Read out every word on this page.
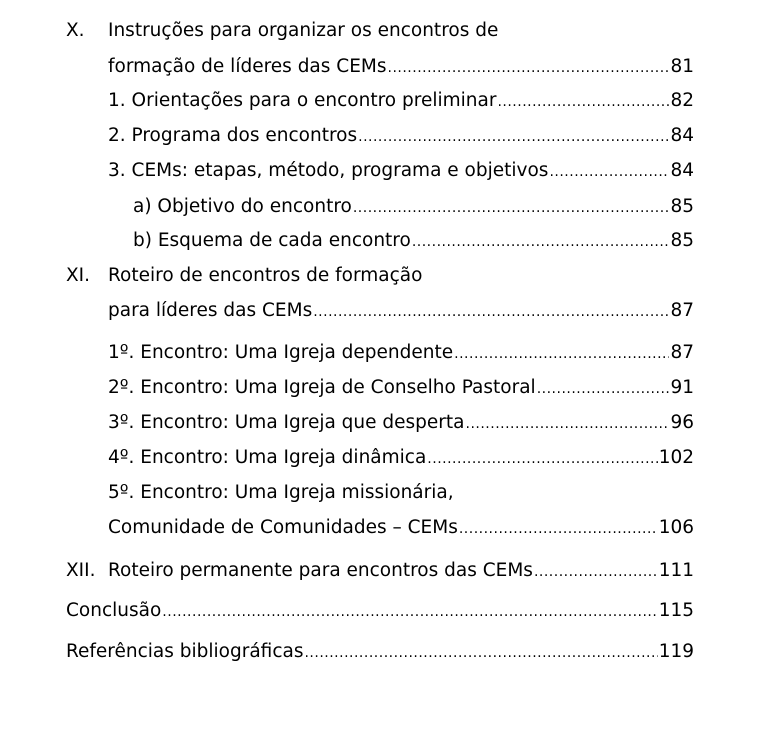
X. Instruções para organizar os encontros de
formação de líderes das CEMs .....	81
1. Orientações para o encontro preliminar .....	82
2. Programa dos encontros .....	84
3. CEMs: etapas, método, programa e objetivos .....	84
a) Objetivo do encontro .....	85
b) Esquema de cada encontro .....	85
XI. Roteiro de encontros de formação
para líderes das CEMs .....	87
1º. Encontro: Uma Igreja dependente .....	87
2º. Encontro: Uma Igreja de Conselho Pastoral .....	91
3º. Encontro: Uma Igreja que desperta .....	96
4º. Encontro: Uma Igreja dinâmica .....	102
5º. Encontro: Uma Igreja missionária,
Comunidade de Comunidades – CEMs .....	106
XII. Roteiro permanente para encontros das CEMs .....	111
Conclusão .....	115
Referências bibliográficas .....	119
